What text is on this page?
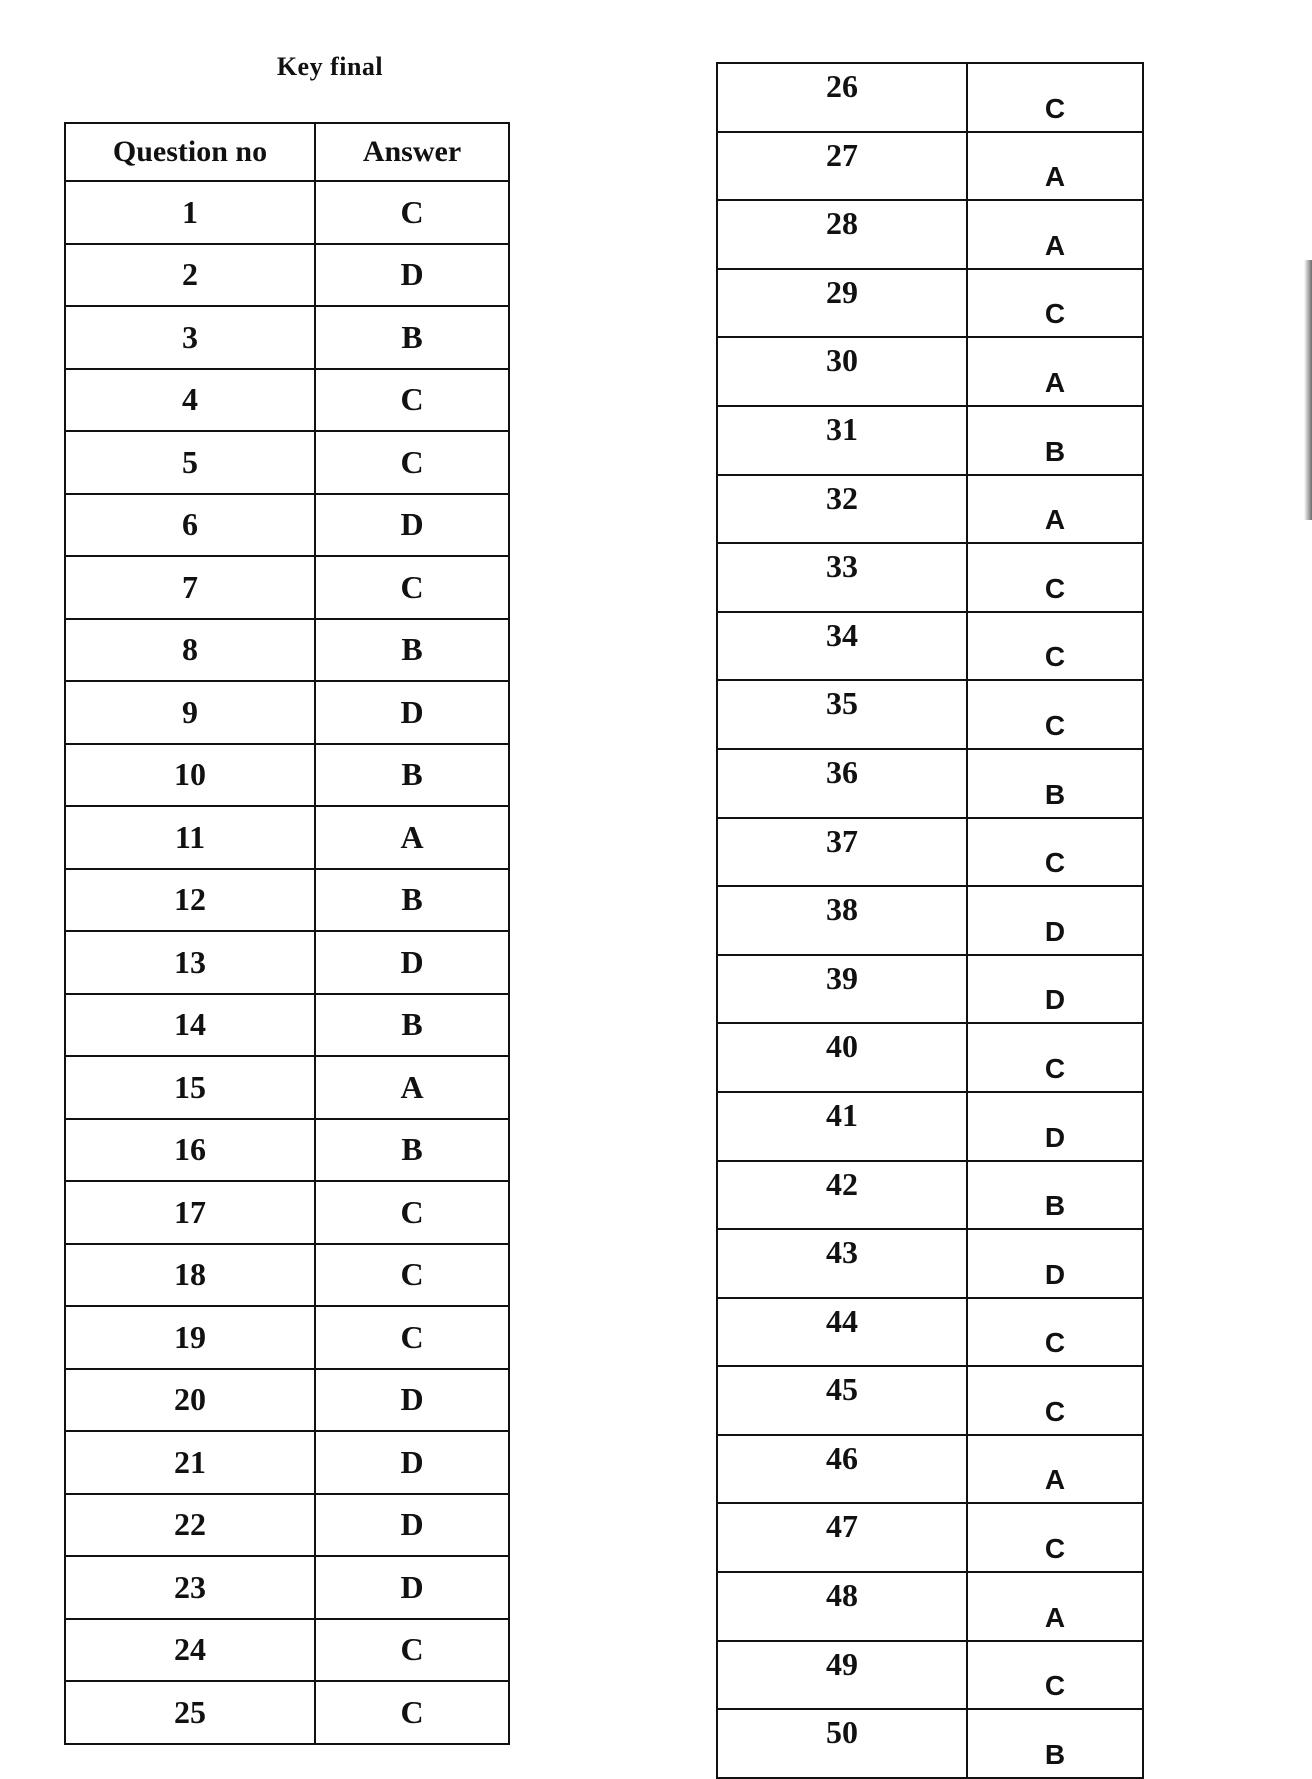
Key final
Question no	Answer
1	C
2	D
3	B
4	C
5	C
6	D
7	C
8	B
9	D
10	B
11	A
12	B
13	D
14	B
15	A
16	B
17	C
18	C
19	C
20	D
21	D
22	D
23	D
24	C
25	C
26	C
27	A
28	A
29	C
30	A
31	B
32	A
33	C
34	C
35	C
36	B
37	C
38	D
39	D
40	C
41	D
42	B
43	D
44	C
45	C
46	A
47	C
48	A
49	C
50	B
